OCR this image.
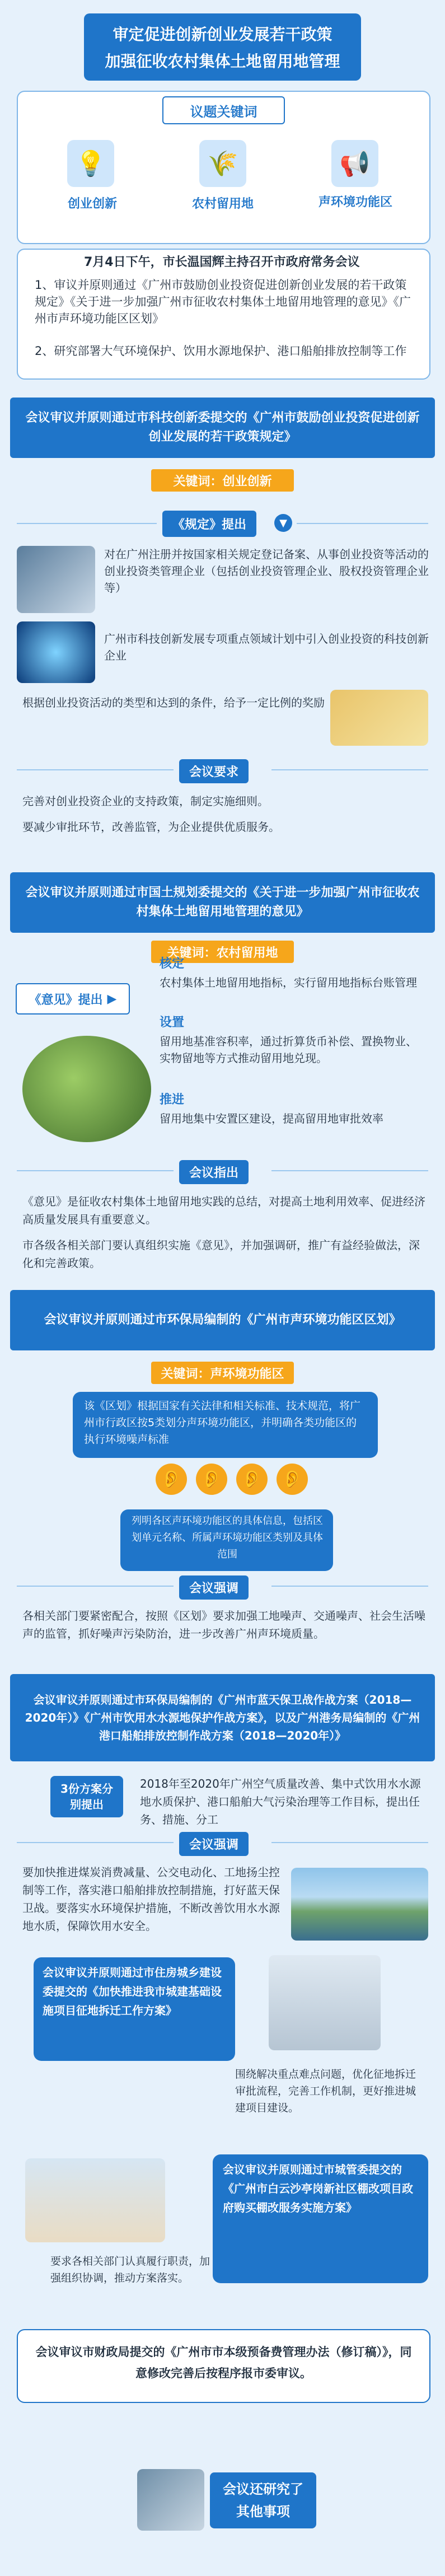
审定促进创新创业发展若干政策
加强征收农村集体土地留用地管理
议题关键词
💡
创业创新
🌾
农村留用地
📢
声环境功能区
7月4日下午，市长温国辉主持召开市政府常务会议
1、审议并原则通过《广州市鼓励创业投资促进创新创业发展的若干政策规定》《关于进一步加强广州市征收农村集体土地留用地管理的意见》《广州市声环境功能区区划》
2、研究部署大气环境保护、饮用水源地保护、港口船舶排放控制等工作
会议审议并原则通过市科技创新委提交的《广州市鼓励创业投资促进创新创业发展的若干政策规定》
关键词：创业创新
《规定》提出	▼
对在广州注册并按国家相关规定登记备案、从事创业投资等活动的创业投资类管理企业（包括创业投资管理企业、股权投资管理企业等）
广州市科技创新发展专项重点领域计划中引入创业投资的科技创新企业
根据创业投资活动的类型和达到的条件，给予一定比例的奖励
会议要求
完善对创业投资企业的支持政策，制定实施细则。
要减少审批环节，改善监管，为企业提供优质服务。
会议审议并原则通过市国土规划委提交的《关于进一步加强广州市征收农村集体土地留用地管理的意见》
关键词：农村留用地
《意见》提出 ▶
核定
农村集体土地留用地指标，实行留用地指标台账管理
设置
留用地基准容积率，通过折算货币补偿、置换物业、实物留地等方式推动留用地兑现。
推进
留用地集中安置区建设，提高留用地审批效率
会议指出
《意见》是征收农村集体土地留用地实践的总结，对提高土地利用效率、促进经济高质量发展具有重要意义。
市各级各相关部门要认真组织实施《意见》，并加强调研，推广有益经验做法，深化和完善政策。
会议审议并原则通过市环保局编制的《广州市声环境功能区区划》
关键词：声环境功能区
该《区划》根据国家有关法律和相关标准、技术规范，将广州市行政区按5类划分声环境功能区，并明确各类功能区的执行环境噪声标准
👂	👂	👂	👂
列明各区声环境功能区的具体信息，包括区划单元名称、所属声环境功能区类别及具体范围
会议强调
各相关部门要紧密配合，按照《区划》要求加强工地噪声、交通噪声、社会生活噪声的监管，抓好噪声污染防治，进一步改善广州声环境质量。
会议审议并原则通过市环保局编制的《广州市蓝天保卫战作战方案（2018—2020年）》《广州市饮用水水源地保护作战方案》，以及广州港务局编制的《广州港口船舶排放控制作战方案（2018—2020年）》
3份方案分别提出
2018年至2020年广州空气质量改善、集中式饮用水水源地水质保护、港口船舶大气污染治理等工作目标，提出任务、措施、分工
会议强调
要加快推进煤炭消费减量、公交电动化、工地扬尘控制等工作，落实港口船舶排放控制措施，打好蓝天保卫战。要落实水环境保护措施，不断改善饮用水水源地水质，保障饮用水安全。
会议审议并原则通过市住房城乡建设委提交的《加快推进我市城建基础设施项目征地拆迁工作方案》
围绕解决重点难点问题，优化征地拆迁审批流程，完善工作机制，更好推进城建项目建设。
会议审议并原则通过市城管委提交的《广州市白云沙亭岗新社区棚改项目政府购买棚改服务实施方案》
要求各相关部门认真履行职责，加强组织协调，推动方案落实。
会议审议市财政局提交的《广州市市本级预备费管理办法（修订稿）》，同意修改完善后按程序报市委审议。
会议还研究了
其他事项
